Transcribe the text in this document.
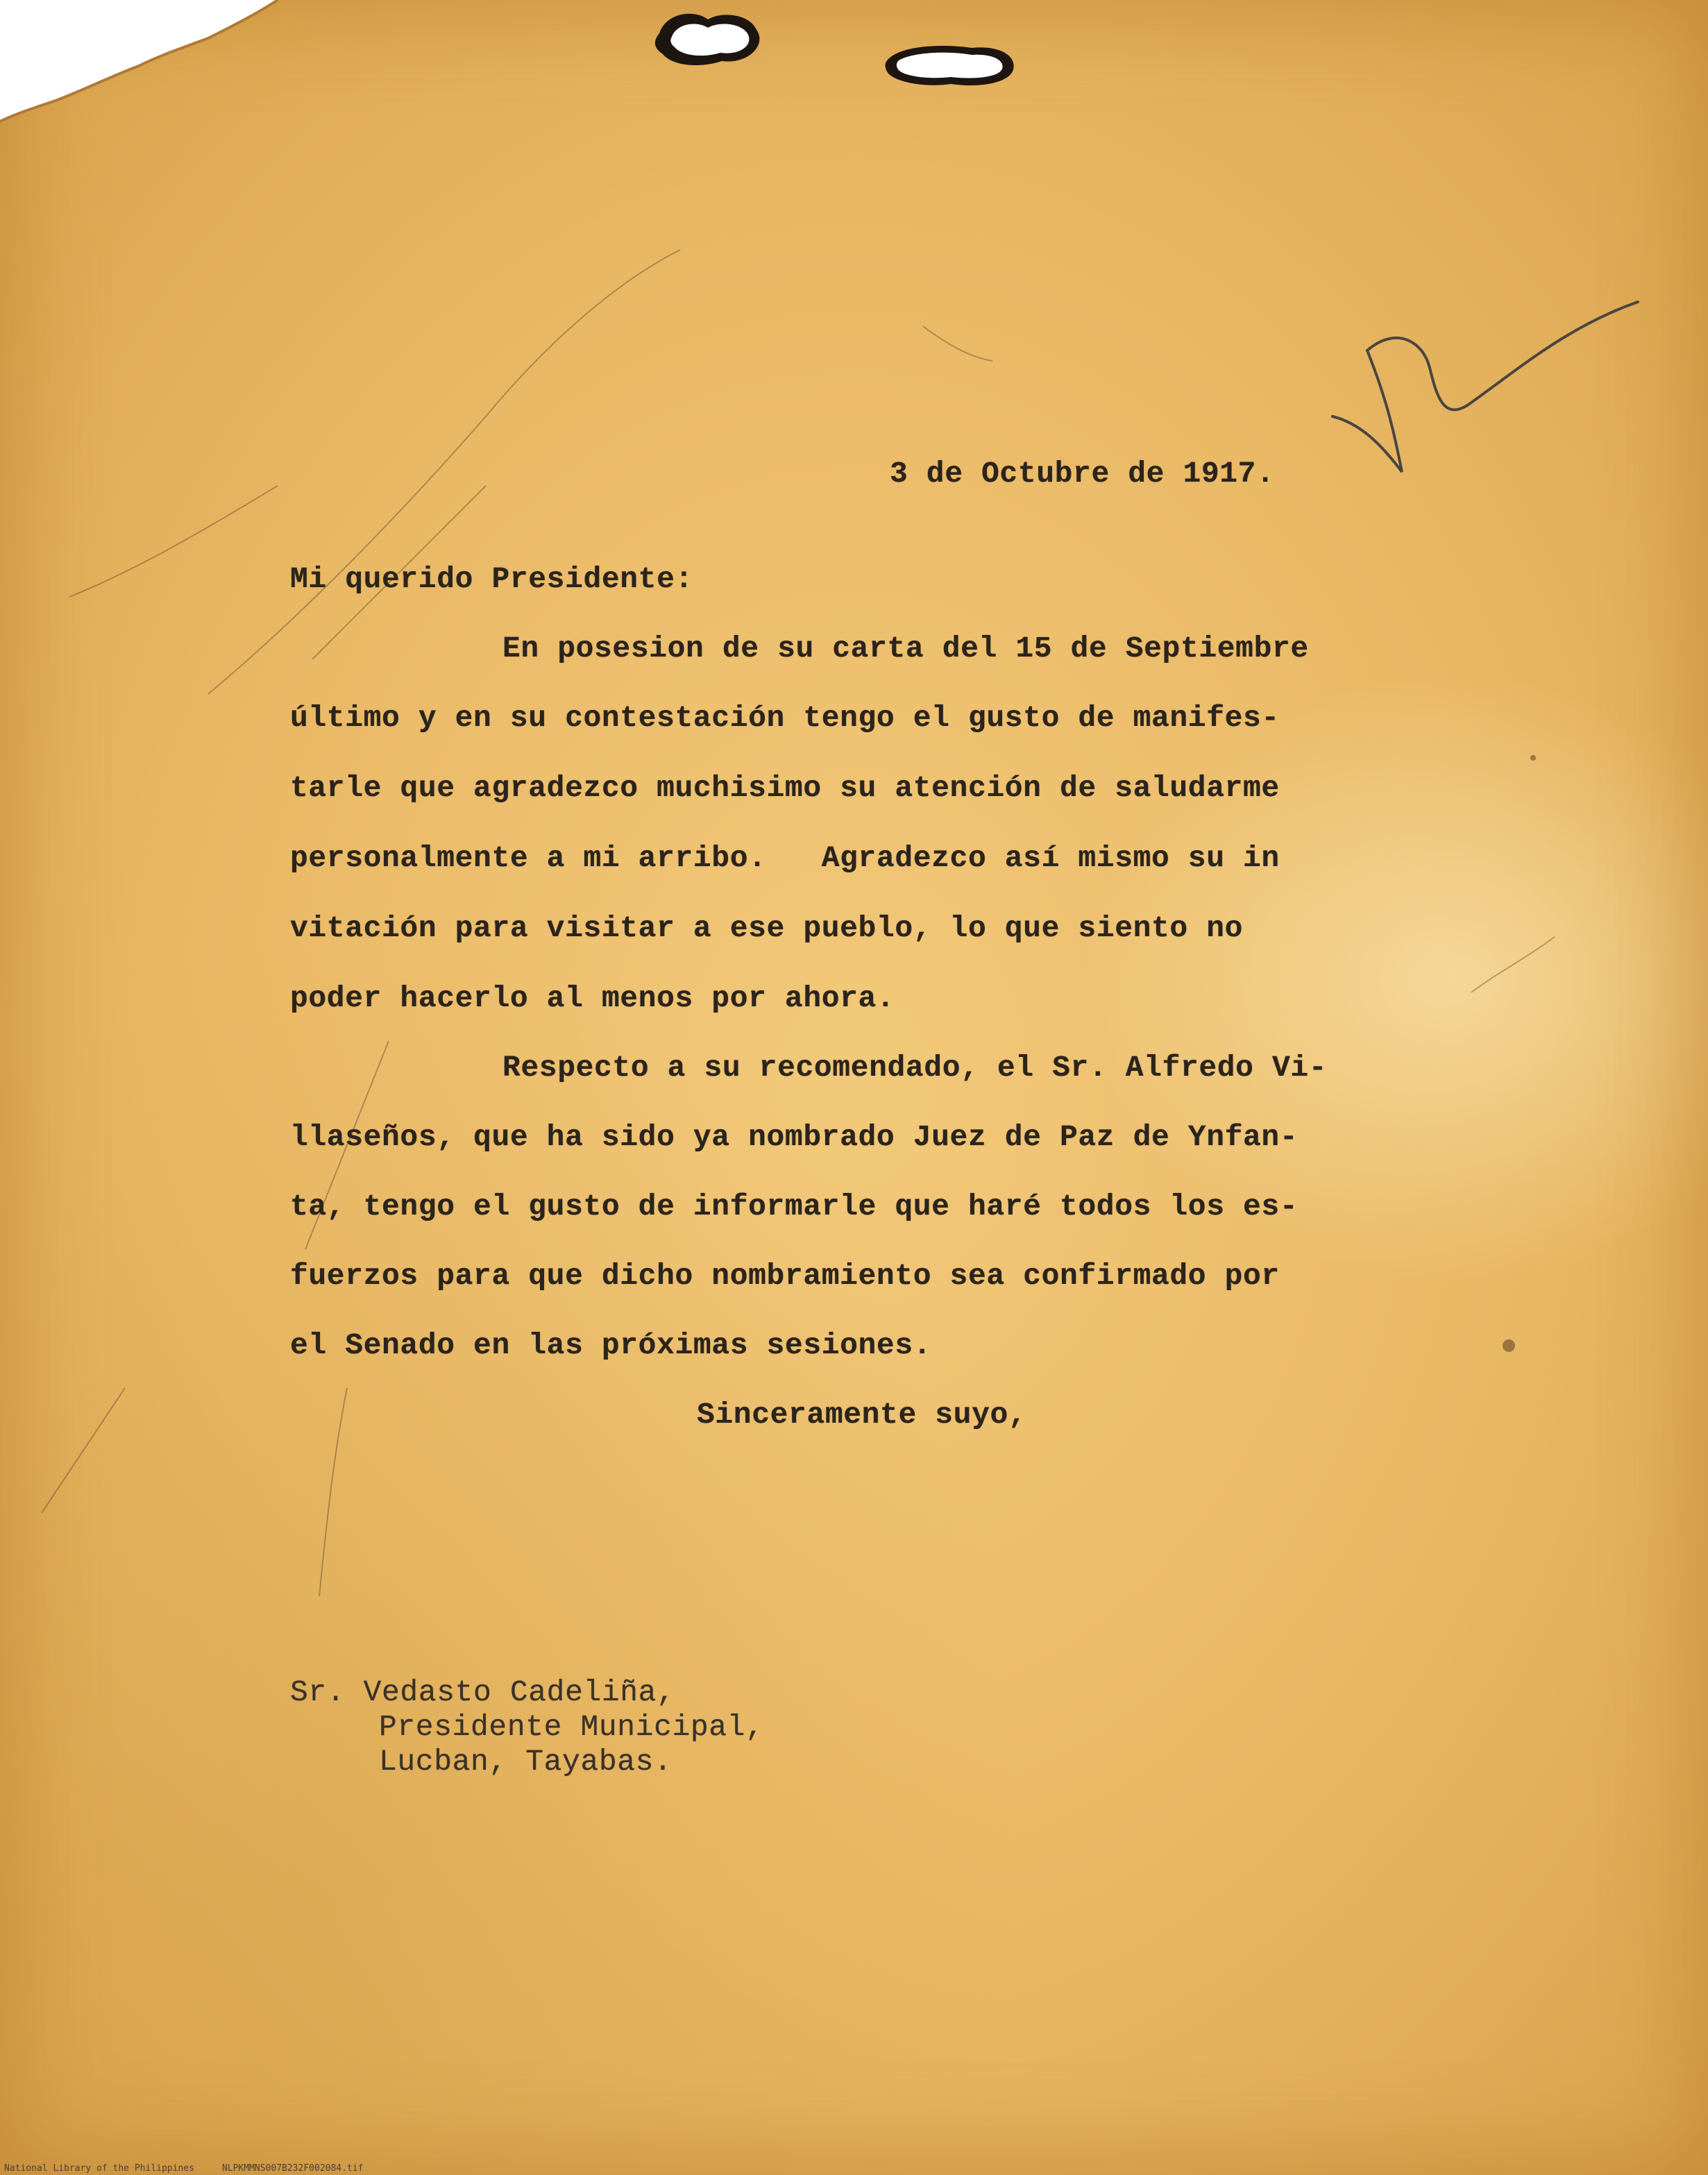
3 de Octubre de 1917.
Mi querido Presidente:
En posesion de su carta del 15 de Septiembre
último y en su contestación tengo el gusto de manifes-
tarle que agradezco muchisimo su atención de saludarme
personalmente a mi arribo.   Agradezco así mismo su in
vitación para visitar a ese pueblo, lo que siento no
poder hacerlo al menos por ahora.
Respecto a su recomendado, el Sr. Alfredo Vi-
llaseños, que ha sido ya nombrado Juez de Paz de Ynfan-
ta, tengo el gusto de informarle que haré todos los es-
fuerzos para que dicho nombramiento sea confirmado por
el Senado en las próximas sesiones.
Sinceramente suyo,
Sr. Vedasto Cadeliña,
Presidente Municipal,
Lucban, Tayabas.
National Library of the Philippines	NLPKMMNS007B232F002084.tif
